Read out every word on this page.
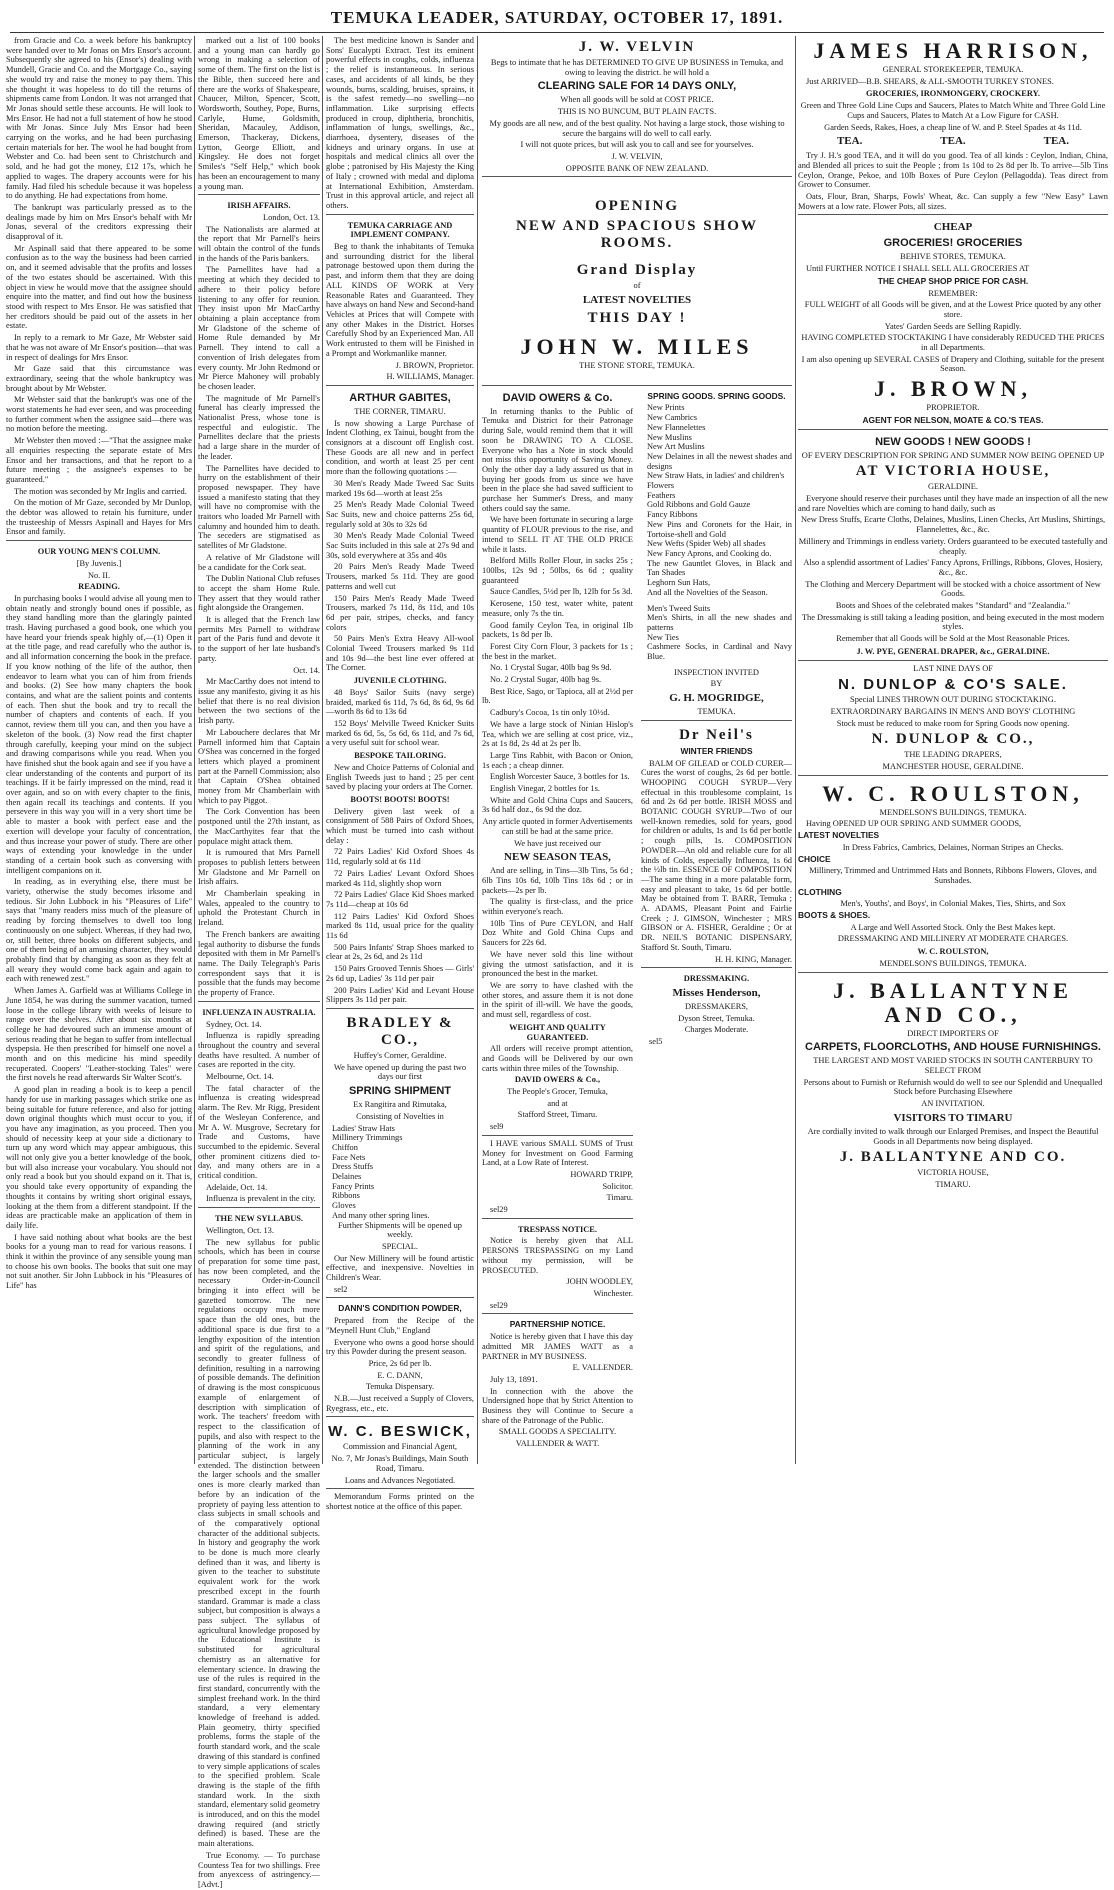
TEMUKA LEADER, SATURDAY, OCTOBER 17, 1891.

from Gracie and Co. a week before his bankruptcy were handed over to Mr Jonas on Mrs Ensor's account. Subsequently she agreed to his (Ensor's) dealing with Mundell, Gracie and Co. and the Mortgage Co., saying she would try and raise the money to pay them. This she thought it was hopeless to do till the returns of shipments came from London. It was not arranged that Mr Jonas should settle these accounts. He will look to Mrs Ensor. He had not a full statement of how he stood with Mr Jonas. Since July Mrs Ensor had been carrying on the works, and he had been purchasing certain materials for her. The wool he had bought from Webster and Co. had been sent to Christchurch and sold, and he had got the money, £12 17s, which he applied to wages. The drapery accounts were for his family. Had filed his schedule because it was hopeless to do anything. He had expectations from home.

The bankrupt was particularly pressed as to the dealings made by him on Mrs Ensor's behalf with Mr Jonas, several of the creditors expressing their disapproval of it.

Mr Aspinall said that there appeared to be some confusion as to the way the business had been carried on, and it seemed advisable that the profits and losses of the two estates should be ascertained. With this object in view he would move that the assignee should enquire into the matter, and find out how the business stood with respect to Mrs Ensor. He was satisfied that her creditors should be paid out of the assets in her estate.

In reply to a remark to Mr Gaze, Mr Webster said that he was not aware of Mr Ensor's position—that was in respect of dealings for Mrs Ensor.

Mr Gaze said that this circumstance was extraordinary, seeing that the whole bankruptcy was brought about by Mr Webster.

Mr Webster said that the bankrupt's was one of the worst statements he had ever seen, and was proceeding to further comment when the assignee said—there was no motion before the meeting.

Mr Webster then moved :—"That the assignee make all enquiries respecting the separate estate of Mrs Ensor and her transactions, and that he report to a future meeting ; the assignee's expenses to be guaranteed."

The motion was seconded by Mr Inglis and carried.

On the motion of Mr Gaze, seconded by Mr Dunlop, the debtor was allowed to retain his furniture, under the trusteeship of Messrs Aspinall and Hayes for Mrs Ensor and family.

OUR YOUNG MEN'S COLUMN.

[By Juvenis.]

No. II.

READING.

In purchasing books I would advise all young men to obtain neatly and strongly bound ones if possible, as they stand handling more than the glaringly painted trash. Having purchased a good book, one which you have heard your friends speak highly of,—(1) Open it at the title page, and read carefully who the author is, and all information concerning the book in the preface. If you know nothing of the life of the author, then endeavor to learn what you can of him from friends and books. (2) See how many chapters the book contains, and what are the salient points and contents of each. Then shut the book and try to recall the number of chapters and contents of each. If you cannot, review them till you can, and then you have a skeleton of the book. (3) Now read the first chapter through carefully, keeping your mind on the subject and drawing comparisons while you read. When you have finished shut the book again and see if you have a clear understanding of the contents and purport of its teachings. If it be fairly impressed on the mind, read it over again, and so on with every chapter to the finis, then again recall its teachings and contents. If you persevere in this way you will in a very short time be able to master a book with perfect ease and the exertion will develope your faculty of concentration, and thus increase your power of study. There are other ways of extending your knowledge in the under standing of a certain book such as conversing with intelligent companions on it.

In reading, as in everything else, there must be variety, otherwise the study becomes irksome and tedious. Sir John Lubbock in his "Pleasures of Life" says that "many readers miss much of the pleasure of reading by forcing themselves to dwell too long continuously on one subject. Whereas, if they had two, or, still better, three books on different subjects, and one of them being of an amusing character, they would probably find that by changing as soon as they felt at all weary they would come back again and again to each with renewed zest."

When James A. Garfield was at Williams College in June 1854, he was during the summer vacation, turned loose in the college library with weeks of leisure to range over the shelves. After about six months at college he had devoured such an immense amount of serious reading that he began to suffer from intellectual dyspepsia. He then prescribed for himself one novel a month and on this medicine his mind speedily recuperated. Coopers' "Leather-stocking Tales" were the first novels he read afterwards Sir Walter Scott's.

A good plan in reading a book is to keep a pencil handy for use in marking passages which strike one as being suitable for future reference, and also for jotting down original thoughts which must occur to you, if you have any imagination, as you proceed. Then you should of necessity keep at your side a dictionary to turn up any word which may appear ambiguous, this will not only give you a better knowledge of the book, but will also increase your vocabulary. You should not only read a book but you should expand on it. That is, you should take every opportunity of expanding the thoughts it contains by writing short original essays, looking at the them from a different standpoint. If the ideas are practicable make an application of them in daily life.

I have said nothing about what books are the best books for a young man to read for various reasons. I think it within the province of any sensible young man to choose his own books. The books that suit one may not suit another. Sir John Lubbock in his "Pleasures of Life" has

marked out a list of 100 books and a young man can hardly go wrong in making a selection of some of them. The first on the list is the Bible, then succeed here and there are the works of Shakespeare, Chaucer, Milton, Spencer, Scott, Wordsworth, Southey, Pope, Burns, Carlyle, Hume, Goldsmith, Sheridan, Macauley, Addison, Emerson, Thackeray, Dickens, Lytton, George Elliott, and Kingsley. He does not forget Smiles's "Self Help," which book has been an encouragement to many a young man.

IRISH AFFAIRS.

London, Oct. 13.

The Nationalists are alarmed at the report that Mr Parnell's heirs will obtain the control of the funds in the hands of the Paris bankers.

The Parnellites have had a meeting at which they decided to adhere to their policy before listening to any offer for reunion. They insist upon Mr MacCarthy obtaining a plain acceptance from Mr Gladstone of the scheme of Home Rule demanded by Mr Parnell. They intend to call a convention of Irish delegates from every county. Mr John Redmond or Mr Pierce Mahoney will probably be chosen leader.

The magnitude of Mr Parnell's funeral has clearly impressed the Nationalist Press, whose tone is respectful and eulogistic. The Parnellites declare that the priests had a large share in the murder of the leader.

The Parnellites have decided to hurry on the establishment of their proposed newspaper. They have issued a manifesto stating that they will have no compromise with the traitors who loaded Mr Parnell with calumny and hounded him to death. The seceders are stigmatised as satellites of Mr Gladstone.

A relative of Mr Gladstone will be a candidate for the Cork seat.

The Dublin National Club refuses to accept the sham Home Rule. They assert that they would rather fight alongside the Orangemen.

It is alleged that the French law permits Mrs Parnell to withdraw part of the Paris fund and devote it to the support of her late husband's party.

Oct. 14.

Mr MacCarthy does not intend to issue any manifesto, giving it as his belief that there is no real division between the two sections of the Irish party.

Mr Labouchere declares that Mr Parnell informed him that Captain O'Shea was concerned in the forged letters which played a prominent part at the Parnell Commission; also that Captain O'Shea obtained money from Mr Chamberlain with which to pay Piggot.

The Cork Convention has been postponed until the 27th instant, as the MacCarthyites fear that the populace might attack them.

It is rumoured that Mrs Parnell proposes to publish letters between Mr Gladstone and Mr Parnell on Irish affairs.

Mr Chamberlain speaking in Wales, appealed to the country to uphold the Protestant Church in Ireland.

The French bankers are awaiting legal authority to disburse the funds deposited with them in Mr Parnell's name. The Daily Telegraph's Paris correspondent says that it is possible that the funds may become the property of France.

INFLUENZA IN AUSTRALIA.

Sydney, Oct. 14.

Influenza is rapidly spreading throughout the country and several deaths have resulted. A number of cases are reported in the city.

Melbourne, Oct. 14.

The fatal character of the influenza is creating widespread alarm. The Rev. Mr Rigg, President of the Wesleyan Conference, and Mr A. W. Musgrove, Secretary for Trade and Customs, have succumbed to the epidemic. Several other prominent citizens died to-day, and many others are in a critical condition.

Adelaide, Oct. 14.

Influenza is prevalent in the city.

THE NEW SYLLABUS.

Wellington, Oct. 13.

The new syllabus for public schools, which has been in course of preparation for some time past, has now been completed, and the necessary Order-in-Council bringing it into effect will be gazetted tomorrow. The new regulations occupy much more space than the old ones, but the additional space is due first to a lengthy exposition of the intention and spirit of the regulations, and secondly to greater fullness of definition, resulting in a narrowing of possible demands. The definition of drawing is the most conspicuous example of enlargement of description with simplication of work. The teachers' freedom with respect to the classification of pupils, and also with respect to the planning of the work in any particular subject, is largely extended. The distinction between the larger schools and the smaller ones is more clearly marked than before by an indication of the propriety of paying less attention to class subjects in small schools and of the comparatively optional character of the additional subjects. In history and geography the work to be done is much more clearly defined than it was, and liberty is given to the teacher to substitute equivalent work for the work prescribed except in the fourth standard. Grammar is made a class subject, but composition is always a pass subject. The syllabus of agricultural knowledge proposed by the Educational Institute is substituted for agricultural chemistry as an alternative for elementary science. In drawing the use of the rules is required in the first standard, concurrently with the simplest freehand work. In the third standard, a very elementary knowledge of freehand is added. Plain geometry, thirty specified problems, forms the staple of the fourth standard work, and the scale drawing of this standard is confined to very simple applications of scales to the specified problem. Scale drawing is the staple of the fifth standard work. In the sixth standard, elementary solid geometry is introduced, and on this the model drawing required (and strictly defined) is based. These are the main alterations.

True Economy. — To purchase Countess Tea for two shillings. Free from anyexcess of astringency.—[Advt.]

The best medicine known is Sander and Sons' Eucalypti Extract. Test its eminent powerful effects in coughs, colds, influenza ; the relief is instantaneous. In serious cases, and accidents of all kinds, be they wounds, burns, scalding, bruises, sprains, it is the safest remedy—no swelling—no inflammation. Like surprising effects produced in croup, diphtheria, bronchitis, inflammation of lungs, swellings, &c., diarrhoea, dysentery, diseases of the kidneys and urinary organs. In use at hospitals and medical clinics all over the globe ; patronised by His Majesty the King of Italy ; crowned with medal and diploma at International Exhibition, Amsterdam. Trust in this approval article, and reject all others.

TEMUKA CARRIAGE AND IMPLEMENT COMPANY.

Beg to thank the inhabitants of Temuka and surrounding district for the liberal patronage bestowed upon them during the past, and inform them that they are doing ALL KINDS OF WORK at Very Reasonable Rates and Guaranteed. They have always on hand New and Second-hand Vehicles at Prices that will Compete with any other Makes in the District. Horses Carefully Shod by an Experienced Man. All Work entrusted to them will be Finished in a Prompt and Workmanlike manner.

J. BROWN, Proprietor.

H. WILLIAMS, Manager.

ARTHUR GABITES,

THE CORNER, TIMARU.

Is now showing a Large Purchase of Indent Clothing, ex Tainui, bought from the consignors at a discount off English cost. These Goods are all new and in perfect condition, and worth at least 25 per cent more than the following quotations :—

30 Men's Ready Made Tweed Sac Suits marked 19s 6d—worth at least 25s

25 Men's Ready Made Colonial Tweed Sac Suits, new and choice patterns 25s 6d, regularly sold at 30s to 32s 6d

30 Men's Ready Made Colonial Tweed Sac Suits included in this sale at 27s 9d and 30s, sold everywhere at 35s and 40s

20 Pairs Men's Ready Made Tweed Trousers, marked 5s 11d. They are good patterns and well cut

150 Pairs Men's Ready Made Tweed Trousers, marked 7s 11d, 8s 11d, and 10s 6d per pair, stripes, checks, and fancy colors

50 Pairs Men's Extra Heavy All-wool Colonial Tweed Trousers marked 9s 11d and 10s 9d—the best line ever offered at The Corner.

JUVENILE CLOTHING.

48 Boys' Sailor Suits (navy serge) braided, marked 6s 11d, 7s 6d, 8s 6d, 9s 6d—worth 8s 6d to 13s 6d

152 Boys' Melville Tweed Knicker Suits marked 6s 6d, 5s, 5s 6d, 6s 11d, and 7s 6d, a very useful suit for school wear.

BESPOKE TAILORING.

New and Choice Patterns of Colonial and English Tweeds just to hand ; 25 per cent saved by placing your orders at The Corner.

BOOTS! BOOTS! BOOTS!

Delivery given last week of a consignment of 588 Pairs of Oxford Shoes, which must be turned into cash without delay :

72 Pairs Ladies' Kid Oxford Shoes 4s 11d, regularly sold at 6s 11d

72 Pairs Ladies' Levant Oxford Shoes marked 4s 11d, slightly shop worn

72 Pairs Ladies' Glace Kid Shoes marked 7s 11d—cheap at 10s 6d

112 Pairs Ladies' Kid Oxford Shoes marked 8s 11d, usual price for the quality 11s 6d

500 Pairs Infants' Strap Shoes marked to clear at 2s, 2s 6d, and 2s 11d

150 Pairs Grooved Tennis Shoes — Girls' 2s 6d up, Ladies' 3s 11d per pair

200 Pairs Ladies' Kid and Levant House Slippers 3s 11d per pair.

BRADLEY & CO.,

Huffey's Corner, Geraldine.

We have opened up during the past two days our first

SPRING SHIPMENT

Ex Rangitira and Rimutaka,

Consisting of Novelties in

Ladies' Straw Hats
Millinery Trimmings
Chiffon
Face Nets
Dress Stuffs
Delaines
Fancy Prints
Ribbons
Gloves
And many other spring lines.

Further Shipments will be opened up weekly.

SPECIAL.

Our New Millinery will be found artistic effective, and inexpensive. Novelties in Children's Wear.

sel2

DANN'S CONDITION POWDER,

Prepared from the Recipe of the "Meynell Hunt Club," England

Everyone who owns a good horse should try this Powder during the present season.

Price, 2s 6d per lb.

E. C. DANN,

Temuka Dispensary.

N.B.—Just received a Supply of Clovers, Ryegrass, etc., etc.

W. C. BESWICK,

Commission and Financial Agent,

No. 7, Mr Jonas's Buildings, Main South Road, Timaru.

Loans and Advances Negotiated.

Memorandum Forms printed on the shortest notice at the office of this paper.

J. W. VELVIN

Begs to intimate that he has DETERMINED TO GIVE UP BUSINESS in Temuka, and owing to leaving the district. he will hold a

CLEARING SALE FOR 14 DAYS ONLY,

When all goods will be sold at COST PRICE.

THIS IS NO BUNCUM, BUT PLAIN FACTS.

My goods are all new, and of the best quality. Not having a large stock, those wishing to secure the bargains will do well to call early.

I will not quote prices, but will ask you to call and see for yourselves.

J. W. VELVIN,

OPPOSITE BANK OF NEW ZEALAND.

OPENING

NEW AND SPACIOUS SHOW ROOMS.

Grand Display

of

LATEST NOVELTIES

THIS DAY !

JOHN W. MILES

THE STONE STORE, TEMUKA.

DAVID OWERS & Co.

In returning thanks to the Public of Temuka and District for their Patronage during Sale, would remind them that it will soon be DRAWING TO A CLOSE. Everyone who has a Note in stock should not miss this opportunity of Saving Money. Only the other day a lady assured us that in buying her goods from us since we have been in the place she had saved sufficient to purchase her Summer's Dress, and many others could say the same.

We have been fortunate in securing a large quantity of FLOUR previous to the rise, and intend to SELL IT AT THE OLD PRICE while it lasts.

Belford Mills Roller Flour, in sacks 25s ; 100lbs, 12s 9d ; 50lbs, 6s 6d ; quality guaranteed

Sauce Candles, 5½d per lb, 12lb for 5s 3d.

Kerosene, 150 test, water white, patent measure, only 7s the tin.

Good family Ceylon Tea, in original 1lb packets, 1s 8d per lb.

Forest City Corn Flour, 3 packets for 1s ; the best in the market.

No. 1 Crystal Sugar, 40lb bag 9s 9d.

No. 2 Crystal Sugar, 40lb bag 9s.

Best Rice, Sago, or Tapioca, all at 2½d per lb.

Cadbury's Cocoa, 1s tin only 10½d.

We have a large stock of Ninian Hislop's Tea, which we are selling at cost price, viz., 2s at 1s 8d, 2s 4d at 2s per lb.

Large Tins Rabbit, with Bacon or Onion, 1s each ; a cheap dinner.

English Worcester Sauce, 3 bottles for 1s.

English Vinegar, 2 bottles for 1s.

White and Gold China Cups and Saucers, 3s 6d half doz., 6s 9d the doz.

Any article quoted in former Advertisements can still be had at the same price.

We have just received our

NEW SEASON TEAS,

And are selling, in Tins—3lb Tins, 5s 6d ; 6lb Tins 10s 6d, 10lb Tins 18s 6d ; or in packets—2s per lb.

The quality is first-class, and the price within everyone's reach.

10lb Tins of Pure CEYLON, and Half Doz White and Gold China Cups and Saucers for 22s 6d.

We have never sold this line without giving the utmost satisfaction, and it is pronounced the best in the market.

We are sorry to have clashed with the other stores, and assure them it is not done in the spirit of ill-will. We have the goods, and must sell, regardless of cost.

WEIGHT AND QUALITY GUARANTEED.

All orders will receive prompt attention, and Goods will be Delivered by our own carts within three miles of the Township.

DAVID OWERS & Co.,

The People's Grocer, Temuka,

and at

Stafford Street, Timaru.

sel9

I HAVE various SMALL SUMS of Trust Money for Investment on Good Farming Land, at a Low Rate of Interest.

HOWARD TRIPP,

Solicitor.

Timaru.

sel29

TRESPASS NOTICE.

Notice is hereby given that ALL PERSONS TRESPASSING on my Land without my permission, will be PROSECUTED.

JOHN WOODLEY,

Winchester.

sel29

PARTNERSHIP NOTICE.

Notice is hereby given that I have this day admitted MR JAMES WATT as a PARTNER in MY BUSINESS.

E. VALLENDER.

July 13, 1891.

In connection with the above the Undersigned hope that by Strict Attention to Business they will Continue to Secure a share of the Patronage of the Public.

SMALL GOODS A SPECIALITY.

VALLENDER & WATT.

SPRING GOODS. SPRING GOODS.

New Prints
New Cambrics
New Flannelettes
New Muslins
New Art Muslins
New Delaines in all the newest shades and designs
New Straw Hats, in ladies' and children's
Flowers
Feathers
Gold Ribbons and Gold Gauze
Fancy Ribbons
New Pins and Coronets for the Hair, in Tortoise-shell and Gold
New Wefts (Spider Web) all shades
New Fancy Aprons, and Cooking do.
The new Gauntlet Gloves, in Black and Tan Shades
Leghorn Sun Hats,
And all the Novelties of the Season.
Men's Tweed Suits
Men's Shirts, in all the new shades and patterns
New Ties
Cashmere Socks, in Cardinal and Navy Blue.

INSPECTION INVITED

BY

G. H. MOGRIDGE,

TEMUKA.

Dr Neil's

WINTER FRIENDS

BALM OF GILEAD or COLD CURER—Cures the worst of coughs, 2s 6d per bottle. WHOOPING COUGH SYRUP—Very effectual in this troublesome complaint, 1s 6d and 2s 6d per bottle. IRISH MOSS and BOTANIC COUGH SYRUP—Two of our well-known remedies, sold for years, good for children or adults, 1s and 1s 6d per bottle ; cough pills, 1s. COMPOSITION POWDER—An old and reliable cure for all kinds of Colds, especially Influenza, 1s 6d the ½lb tin. ESSENCE OF COMPOSITION—The same thing in a more palatable form, easy and pleasant to take, 1s 6d per bottle. May be obtained from T. BARR, Temuka ; A. ADAMS, Pleasant Point and Fairlie Creek ; J. GIMSON, Winchester ; MRS GIBSON or A. FISHER, Geraldine ; Or at DR. NEIL'S BOTANIC DISPENSARY, Stafford St. South, Timaru.

H. H. KING, Manager.

DRESSMAKING.

Misses Henderson,

DRESSMAKERS,

Dyson Street, Temuka.

Charges Moderate.

sel5

JAMES HARRISON,

GENERAL STOREKEEPER, TEMUKA.

Just ARRIVED—B.B. SHEARS, & ALL-SMOOTH TURKEY STONES.

GROCERIES, IRONMONGERY, CROCKERY.

Green and Three Gold Line Cups and Saucers, Plates to Match White and Three Gold Line Cups and Saucers, Plates to Match At a Low Figure for CASH.

Garden Seeds, Rakes, Hoes, a cheap line of W. and P. Steel Spades at 4s 11d.

TEA.	TEA.	TEA.

Try J. H.'s good TEA, and it will do you good. Tea of all kinds : Ceylon, Indian, China, and Blended all prices to suit the People ; from 1s 10d to 2s 8d per lb. To arrive—5lb Tins Ceylon, Orange, Pekoe, and 10lb Boxes of Pure Ceylon (Pellagodda). Teas direct from Grower to Consumer.

Oats, Flour, Bran, Sharps, Fowls' Wheat, &c. Can supply a few "New Easy" Lawn Mowers at a low rate. Flower Pots, all sizes.

CHEAP

GROCERIES! GROCERIES

BEHIVE STORES, TEMUKA.

Until FURTHER NOTICE I SHALL SELL ALL GROCERIES AT

THE CHEAP SHOP PRICE FOR CASH.

REMEMBER:

FULL WEIGHT of all Goods will be given, and at the Lowest Price quoted by any other store.

Yates' Garden Seeds are Selling Rapidly.

HAVING COMPLETED STOCKTAKING I have considerably REDUCED THE PRICES in all Departments.

I am also opening up SEVERAL CASES of Drapery and Clothing, suitable for the present Season.

J. BROWN,

PROPRIETOR.

AGENT FOR NELSON, MOATE & CO.'S TEAS.

NEW GOODS ! NEW GOODS !

OF EVERY DESCRIPTION FOR SPRING AND SUMMER NOW BEING OPENED UP

AT VICTORIA HOUSE,

GERALDINE.

Everyone should reserve their purchases until they have made an inspection of all the new and rare Novelties which are coming to hand daily, such as

New Dress Stuffs, Ecarte Cloths, Delaines, Muslins, Linen Checks, Art Muslins, Shirtings, Flannelettes, &c., &c.

Millinery and Trimmings in endless variety. Orders guaranteed to be executed tastefully and cheaply.

Also a splendid assortment of Ladies' Fancy Aprons, Frillings, Ribbons, Gloves, Hosiery, &c., &c.

The Clothing and Mercery Department will be stocked with a choice assortment of New Goods.

Boots and Shoes of the celebrated makes "Standard" and "Zealandia."

The Dressmaking is still taking a leading position, and being executed in the most modern styles.

Remember that all Goods will be Sold at the Most Reasonable Prices.

J. W. PYE, GENERAL DRAPER, &c., GERALDINE.

LAST NINE DAYS OF

N. DUNLOP & CO'S SALE.

Special LINES THROWN OUT DURING STOCKTAKING.

EXTRAORDINARY BARGAINS IN MEN'S AND BOYS' CLOTHING

Stock must be reduced to make room for Spring Goods now opening.

N. DUNLOP & CO.,

THE LEADING DRAPERS,

MANCHESTER HOUSE, GERALDINE.

W. C. ROULSTON,

MENDELSON'S BUILDINGS, TEMUKA.

Having OPENED UP OUR SPRING AND SUMMER GOODS,

LATEST NOVELTIES

In Dress Fabrics, Cambrics, Delaines, Norman Stripes an Checks.

CHOICE

Millinery, Trimmed and Untrimmed Hats and Bonnets, Ribbons Flowers, Gloves, and Sunshades.

CLOTHING

Men's, Youths', and Boys', in Colonial Makes, Ties, Shirts, and Sox

BOOTS & SHOES.

A Large and Well Assorted Stock. Only the Best Makes kept.

DRESSMAKING AND MILLINERY AT MODERATE CHARGES.

W. C. ROULSTON,

MENDELSON'S BUILDINGS, TEMUKA.

J. BALLANTYNE AND CO.,

DIRECT IMPORTERS OF

CARPETS, FLOORCLOTHS, AND HOUSE FURNISHINGS.

THE LARGEST AND MOST VARIED STOCKS IN SOUTH CANTERBURY TO SELECT FROM

Persons about to Furnish or Refurnish would do well to see our Splendid and Unequalled Stock before Purchasing Elsewhere

AN INVITATION.

VISITORS TO TIMARU

Are cordially invited to walk through our Enlarged Premises, and Inspect the Beautiful Goods in all Departments now being displayed.

J. BALLANTYNE AND CO.

VICTORIA HOUSE,

TIMARU.
